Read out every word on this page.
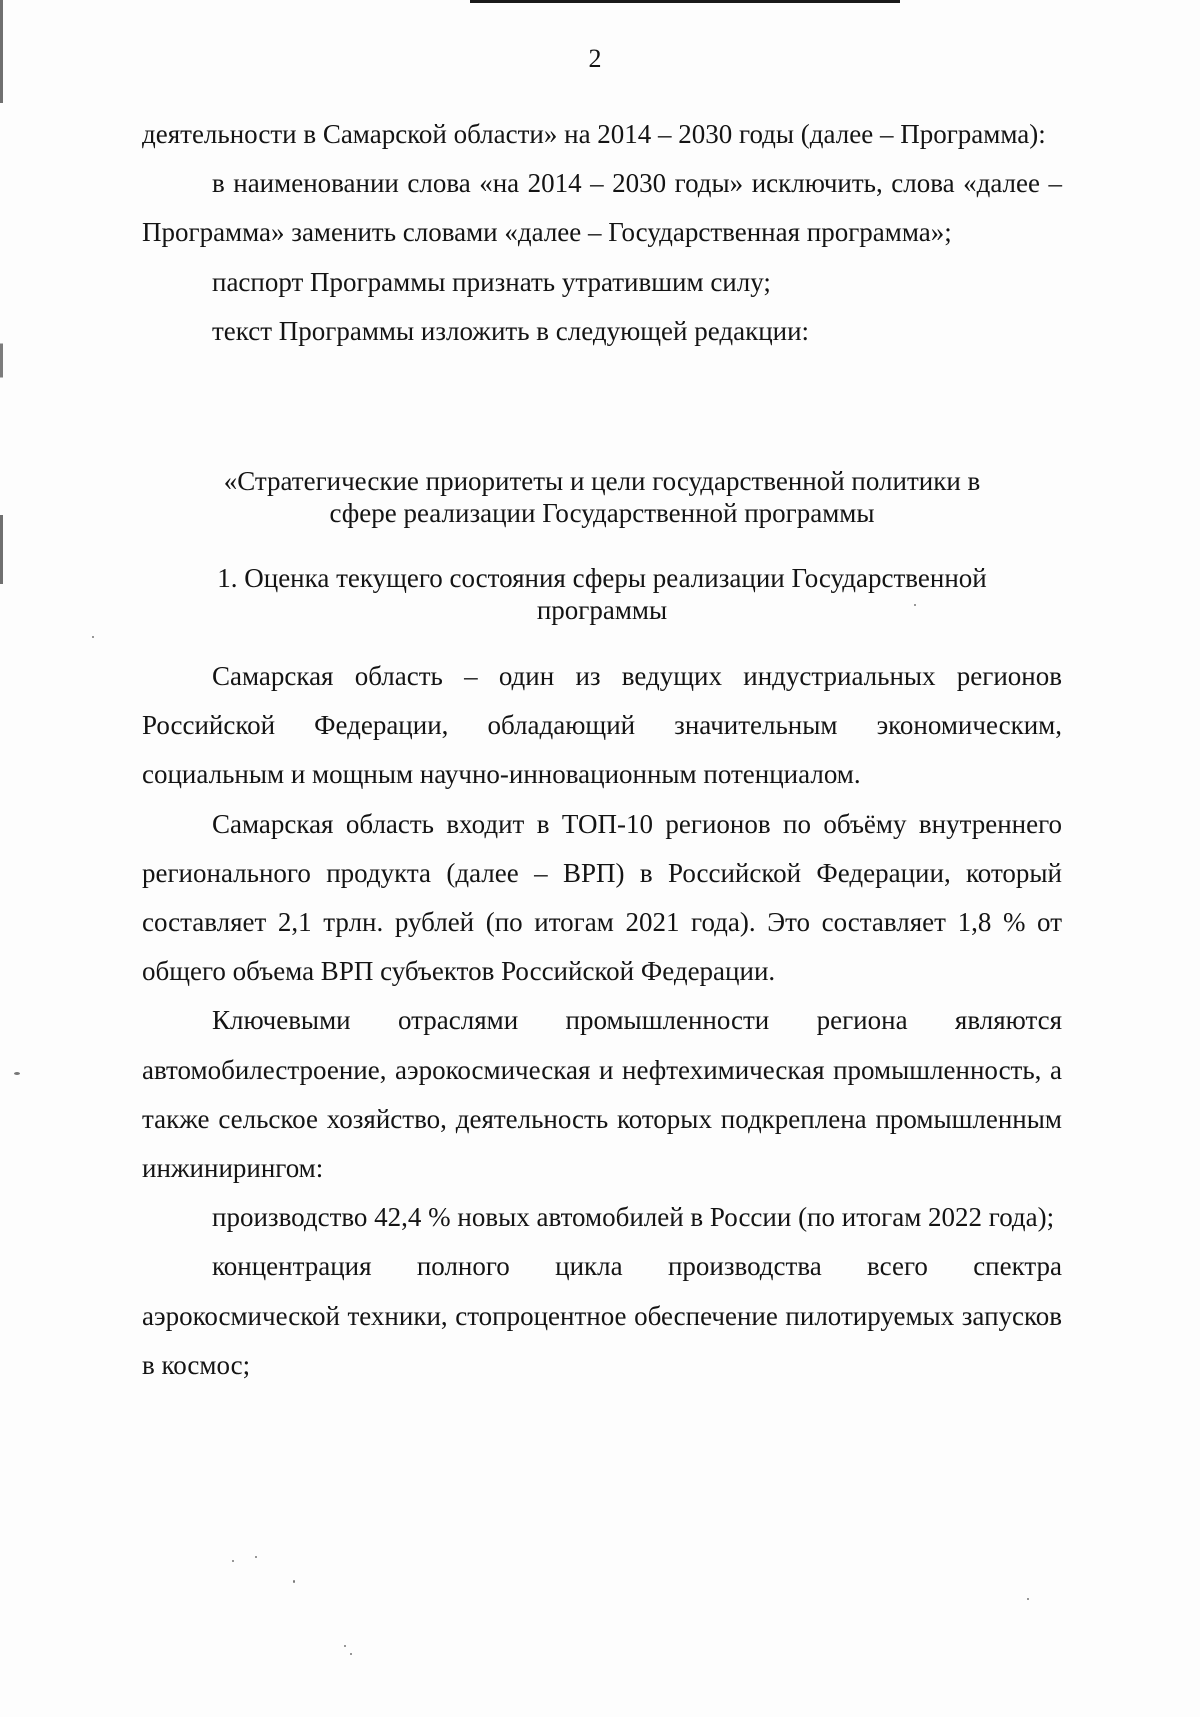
2

деятельности в Самарской области» на 2014 – 2030 годы (далее – Программа):

в наименовании слова «на 2014 – 2030 годы» исключить, слова «далее – Программа» заменить словами «далее – Государственная программа»;

паспорт Программы признать утратившим силу;

текст Программы изложить в следующей редакции:

«Стратегические приоритеты и цели государственной политики в

сфере реализации Государственной программы

1. Оценка текущего состояния сферы реализации Государственной

программы

Самарская область – один из ведущих индустриальных регионов Российской Федерации, обладающий значительным экономическим, социальным и мощным научно-инновационным потенциалом.

Самарская область входит в ТОП-10 регионов по объёму внутреннего регионального продукта (далее – ВРП) в Российской Федерации, который составляет 2,1 трлн. рублей (по итогам 2021 года). Это составляет 1,8 % от общего объема ВРП субъектов Российской Федерации.

Ключевыми отраслями промышленности региона являются автомобилестроение, аэрокосмическая и нефтехимическая промышленность, а также сельское хозяйство, деятельность которых подкреплена промышленным инжинирингом:

производство 42,4 % новых автомобилей в России (по итогам 2022 года);

концентрация полного цикла производства всего спектра аэрокосмической техники, стопроцентное обеспечение пилотируемых запусков в космос;
